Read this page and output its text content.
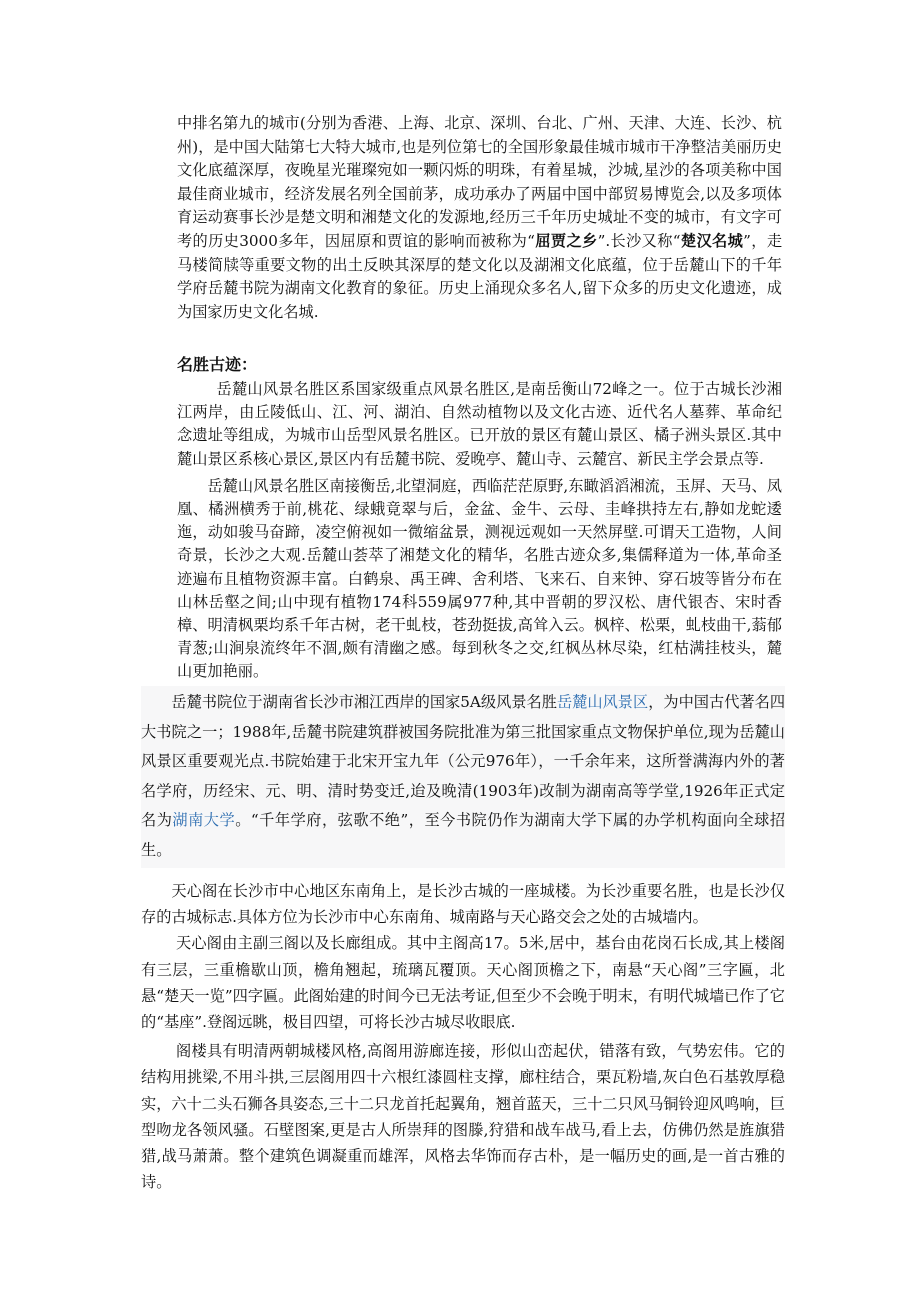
中排名第九的城市(分别为香港、上海、北京、深圳、台北、广州、天津、大连、长沙、杭州)，是中国大陆第七大特大城市,也是列位第七的全国形象最佳城市城市干净整洁美丽历史文化底蕴深厚，夜晚星光璀璨宛如一颗闪烁的明珠，有着星城，沙城,星沙的各项美称中国最佳商业城市，经济发展名列全国前茅，成功承办了两届中国中部贸易博览会,以及多项体育运动赛事长沙是楚文明和湘楚文化的发源地,经历三千年历史城址不变的城市，有文字可考的历史3000多年，因屈原和贾谊的影响而被称为“屈贾之乡”.长沙又称“楚汉名城”，走马楼简牍等重要文物的出土反映其深厚的楚文化以及湖湘文化底蕴，位于岳麓山下的千年学府岳麓书院为湖南文化教育的象征。历史上涌现众多名人,留下众多的历史文化遗迹，成为国家历史文化名城.

名胜古迹：

岳麓山风景名胜区系国家级重点风景名胜区,是南岳衡山72峰之一。位于古城长沙湘江两岸，由丘陵低山、江、河、湖泊、自然动植物以及文化古迹、近代名人墓葬、革命纪念遗址等组成，为城市山岳型风景名胜区。已开放的景区有麓山景区、橘子洲头景区.其中麓山景区系核心景区,景区内有岳麓书院、爱晚亭、麓山寺、云麓宫、新民主学会景点等.

岳麓山风景名胜区南接衡岳,北望洞庭，西临茫茫原野,东瞰滔滔湘流，玉屏、天马、凤凰、橘洲横秀于前,桃花、绿蛾竟翠与后，金盆、金牛、云母、圭峰拱持左右,静如龙蛇逶迤，动如骏马奋蹄，凌空俯视如一微缩盆景，测视远观如一天然屏壁.可谓天工造物，人间奇景，长沙之大观.岳麓山荟萃了湘楚文化的精华，名胜古迹众多,集儒释道为一体,革命圣迹遍布且植物资源丰富。白鹤泉、禹王碑、舍利塔、飞来石、自来钟、穿石坡等皆分布在山林岳壑之间;山中现有植物174科559属977种,其中晋朝的罗汉松、唐代银杏、宋时香樟、明清枫栗均系千年古树，老干虬枝，苍劲挺拔,高耸入云。枫梓、松栗，虬枝曲干,蓊郁青葱;山涧泉流终年不涸,颇有清幽之感。每到秋冬之交,红枫丛林尽染，红枯满挂枝头，麓山更加艳丽。

岳麓书院位于湖南省长沙市湘江西岸的国家5A级风景名胜岳麓山风景区，为中国古代著名四大书院之一；1988年,岳麓书院建筑群被国务院批准为第三批国家重点文物保护单位,现为岳麓山风景区重要观光点.书院始建于北宋开宝九年（公元976年），一千余年来，这所誉满海内外的著名学府，历经宋、元、明、清时势变迁,迨及晚清(1903年)改制为湖南高等学堂,1926年正式定名为湖南大学。“千年学府，弦歌不绝”，至今书院仍作为湖南大学下属的办学机构面向全球招生。

天心阁在长沙市中心地区东南角上，是长沙古城的一座城楼。为长沙重要名胜，也是长沙仅存的古城标志.具体方位为长沙市中心东南角、城南路与天心路交会之处的古城墙内。

天心阁由主副三阁以及长廊组成。其中主阁高17。5米,居中，基台由花岗石长成,其上楼阁有三层，三重檐歇山顶，檐角翘起，琉璃瓦覆顶。天心阁顶檐之下，南悬“天心阁”三字匾，北悬“楚天一览”四字匾。此阁始建的时间今已无法考证,但至少不会晚于明末，有明代城墙已作了它的“基座”.登阁远眺，极目四望，可将长沙古城尽收眼底.

阁楼具有明清两朝城楼风格,高阁用游廊连接，形似山峦起伏，错落有致，气势宏伟。它的结构用挑梁,不用斗拱,三层阁用四十六根红漆圆柱支撑，廊柱结合，栗瓦粉墙,灰白色石基敦厚稳实，六十二头石狮各具姿态,三十二只龙首托起翼角，翘首蓝天，三十二只风马铜铃迎风鸣响，巨型吻龙各领风骚。石壁图案,更是古人所崇拜的图滕,狩猎和战车战马,看上去，仿佛仍然是旌旗猎猎,战马萧萧。整个建筑色调凝重而雄浑，风格去华饰而存古朴，是一幅历史的画,是一首古雅的诗。
